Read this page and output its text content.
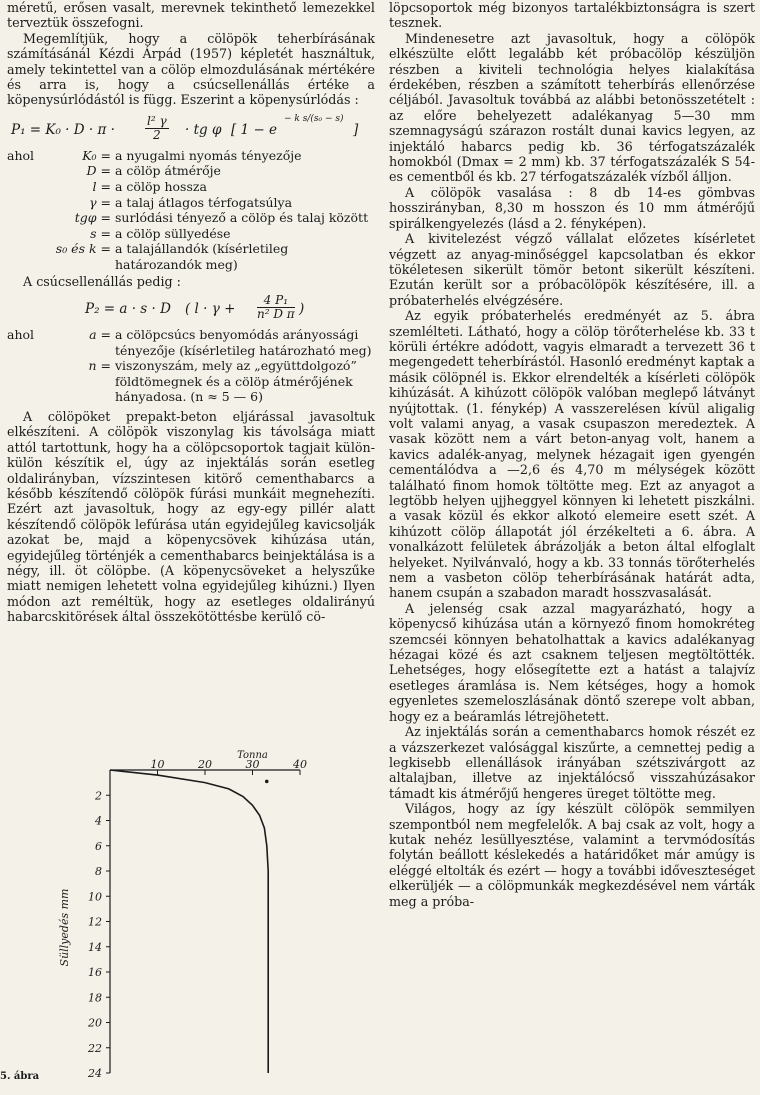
méretű, erősen vasalt, merevnek tekinthető lemezekkel terveztük összefogni.

Megemlítjük, hogy a cölöpök teherbírásának számításánál Kézdi Árpád (1957) képletét használtuk, amely tekintettel van a cölöp elmozdulásának mértékére és arra is, hogy a csúcsellenállás értéke a köpenysúrlódástól is függ. Eszerint a köpenysúrlódás :

P₁ = K₀ · D · π ·	$\frac{\text{l² γ}}{2}$ · tg φ [ 1 − e
− k s/(s₀ − s)
]
ahol	K₀ = a nyugalmi nyomás tényezője
D = a cölöp átmérője
l = a cölöp hossza
γ = a talaj átlagos térfogatsúlya
tgφ = surlódási tényező a cölöp és talaj között
s = a cölöp süllyedése
s₀ és k = a talajállandók (kísérletileg határozandók meg)

A csúcsellenállás pedig :

P₂ = a · s · D ( $l \cdot \gamma + \frac{\text{4 P₁}}{\text{n² D π}}$ )
ahol	a = a cölöpcsúcs benyomódás arányossági tényezője (kísérletileg határozható meg)
n = viszonyszám, mely az „együttdolgozó” földtömegnek és a cölöp átmérőjének hányadosa. (n ≈ 5 — 6)

A cölöpöket prepakt-beton eljárással javasoltuk elkészíteni. A cölöpök viszonylag kis távolsága miatt attól tartottunk, hogy ha a cölöpcsoportok tagjait külön-külön készítik el, úgy az injektálás során esetleg oldalirányban, vízszintesen kitörő cementhabarcs a később készítendő cölöpök fúrási munkáit megnehezíti. Ezért azt javasoltuk, hogy az egy-egy pillér alatt készítendő cölöpök lefúrása után egyidejűleg kavicsolják azokat be, majd a köpenycsövek kihúzása után, egyidejűleg történjék a cementhabarcs beinjektálása is a négy, ill. öt cölöpbe. (A köpenycsöveket a helyszűke miatt nemigen lehetett volna egyidejűleg kihúzni.) Ilyen módon azt reméltük, hogy az esetleges oldalirányú habarcskitörések által összekötöttésbe kerülő cö-

löpcsoportok még bizonyos tartalékbiztonságra is szert tesznek.

Mindenesetre azt javasoltuk, hogy a cölöpök elkészülte előtt legalább két próbacölöp készüljön részben a kiviteli technológia helyes kialakítása érdekében, részben a számított teherbírás ellenőrzése céljából. Javasoltuk továbbá az alábbi betonösszetételt : az előre behelyezett adalékanyag 5—30 mm szemnagyságú szárazon rostált dunai kavics legyen, az injektáló habarcs pedig kb. 36 térfogatszázalék homokból (Dmax = 2 mm) kb. 37 térfogatszázalék S 54-es cementből és kb. 27 térfogatszázalék vízből álljon.

A cölöpök vasalása : 8 db 14-es gömbvas hosszirányban, 8,30 m hosszon és 10 mm átmérőjű spirálkengyelezés (lásd a 2. fényképen).

A kivitelezést végző vállalat előzetes kísérletet végzett az anyag-minőséggel kapcsolatban és ekkor tökéletesen sikerült tömör betont sikerült készíteni. Ezután került sor a próbacölöpök készítésére, ill. a próbaterhelés elvégzésére.

Az egyik próbaterhelés eredményét az 5. ábra szemlélteti. Látható, hogy a cölöp törőterhelése kb. 33 t körüli értékre adódott, vagyis elmaradt a tervezett 36 t megengedett teherbírástól. Hasonló eredményt kaptak a másik cölöpnél is. Ekkor elrendelték a kísérleti cölöpök kihúzását. A kihúzott cölöpök valóban meglepő látványt nyújtottak. (1. fénykép) A vasszerelésen kívül aligalig volt valami anyag, a vasak csupaszon meredeztek. A vasak között nem a várt beton-anyag volt, hanem a kavics adalék-anyag, melynek hézagait igen gyengén cementálódva a —2,6 és 4,70 m mélységek között található finom homok töltötte meg. Ezt az anyagot a legtöbb helyen ujjheggyel könnyen ki lehetett piszkálni. a vasak közül és ekkor alkotó elemeire esett szét. A kihúzott cölöp állapotát jól érzékelteti a 6. ábra. A vonalkázott felületek ábrázolják a beton által elfoglalt helyeket. Nyilvánvaló, hogy a kb. 33 tonnás törőterhelés nem a vasbeton cölöp teherbírásának határát adta, hanem csupán a szabadon maradt hosszvasalását.

A jelenség csak azzal magyarázható, hogy a köpenycső kihúzása után a környező finom homokréteg szemcséi könnyen behatolhattak a kavics adalékanyag hézagai közé és azt csaknem teljesen megtöltötték. Lehetséges, hogy elősegítette ezt a hatást a talajvíz esetleges áramlása is. Nem kétséges, hogy a homok egyenletes szemeloszlásának döntő szerepe volt abban, hogy ez a beáramlás létrejöhetett.

Az injektálás során a cementhabarcs homok részét ez a vázszerkezet valósággal kiszűrte, a cemnettej pedig a legkisebb ellenállások irányában szétszivárgott az altalajban, illetve az injektálócső visszahúzásakor támadt kis átmérőjű hengeres üreget töltötte meg.

Világos, hogy az így készült cölöpök semmilyen szempontból nem megfelelők. A baj csak az volt, hogy a kutak nehéz lesüllyesztése, valamint a tervmódosítás folytán beállott késlekedés a határidőket már amúgy is eléggé eltolták és ezért — hogy a további időveszteséget elkerüljék — a cölöpmunkák megkezdésével nem várták meg a próba-

Tonna
10	20	30	40
2
4
6
8
10
12
14
16
18
20
22
24
Süllyedés mm
5. ábra
